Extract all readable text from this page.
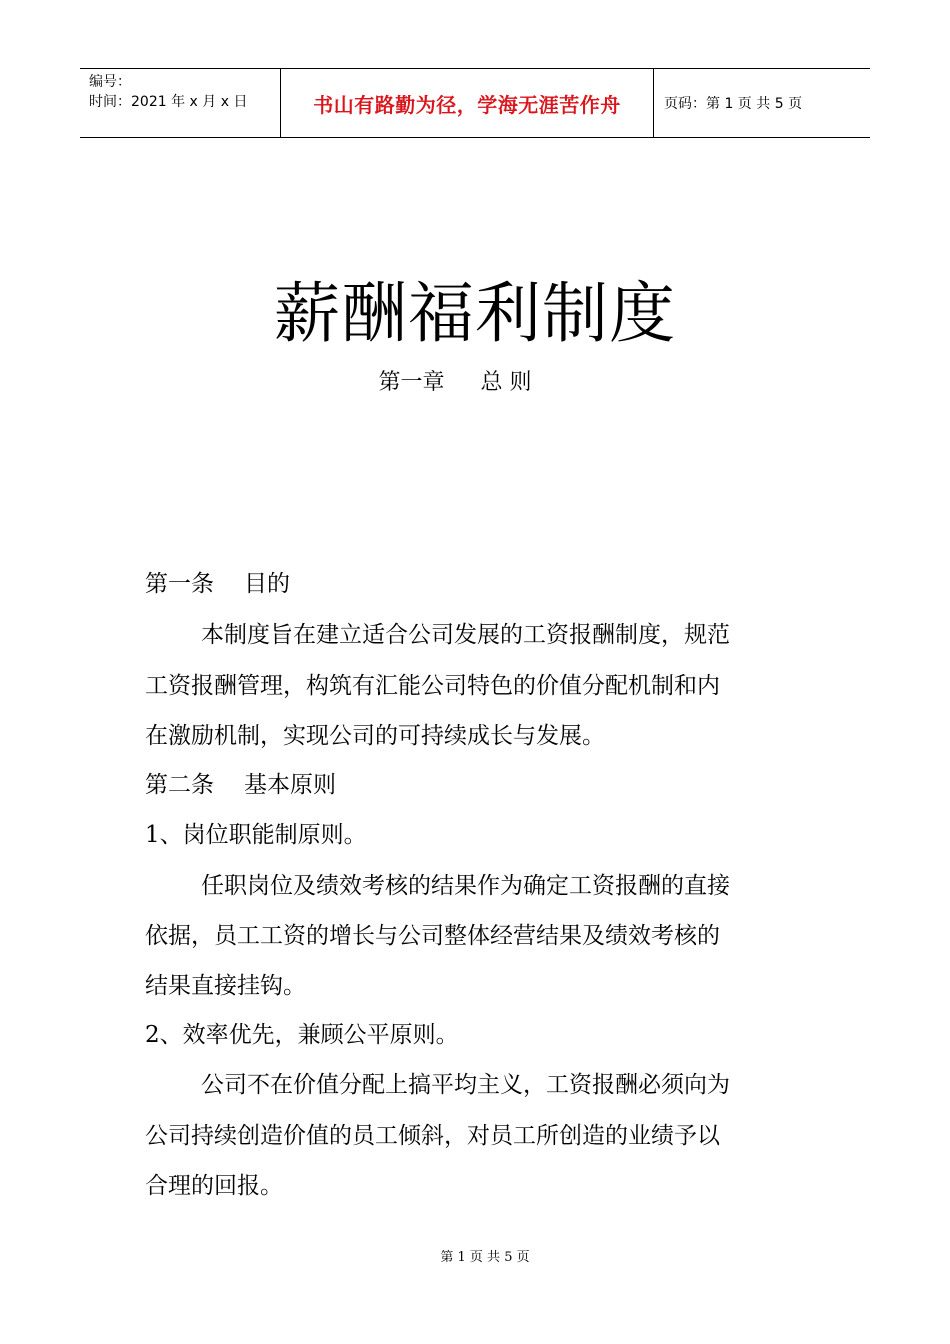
编号：
时间：2021 年 x 月 x 日	书山有路勤为径，学海无涯苦作舟	页码：第 1 页 共 5 页
薪酬福利制度
第一章 总 则
第一条 目的
本制度旨在建立适合公司发展的工资报酬制度，规范
工资报酬管理，构筑有汇能公司特色的价值分配机制和内
在激励机制，实现公司的可持续成长与发展。
第二条 基本原则
1、岗位职能制原则。
任职岗位及绩效考核的结果作为确定工资报酬的直接
依据，员工工资的增长与公司整体经营结果及绩效考核的
结果直接挂钩。
2、效率优先，兼顾公平原则。
公司不在价值分配上搞平均主义，工资报酬必须向为
公司持续创造价值的员工倾斜，对员工所创造的业绩予以
合理的回报。
第 1 页 共 5 页
